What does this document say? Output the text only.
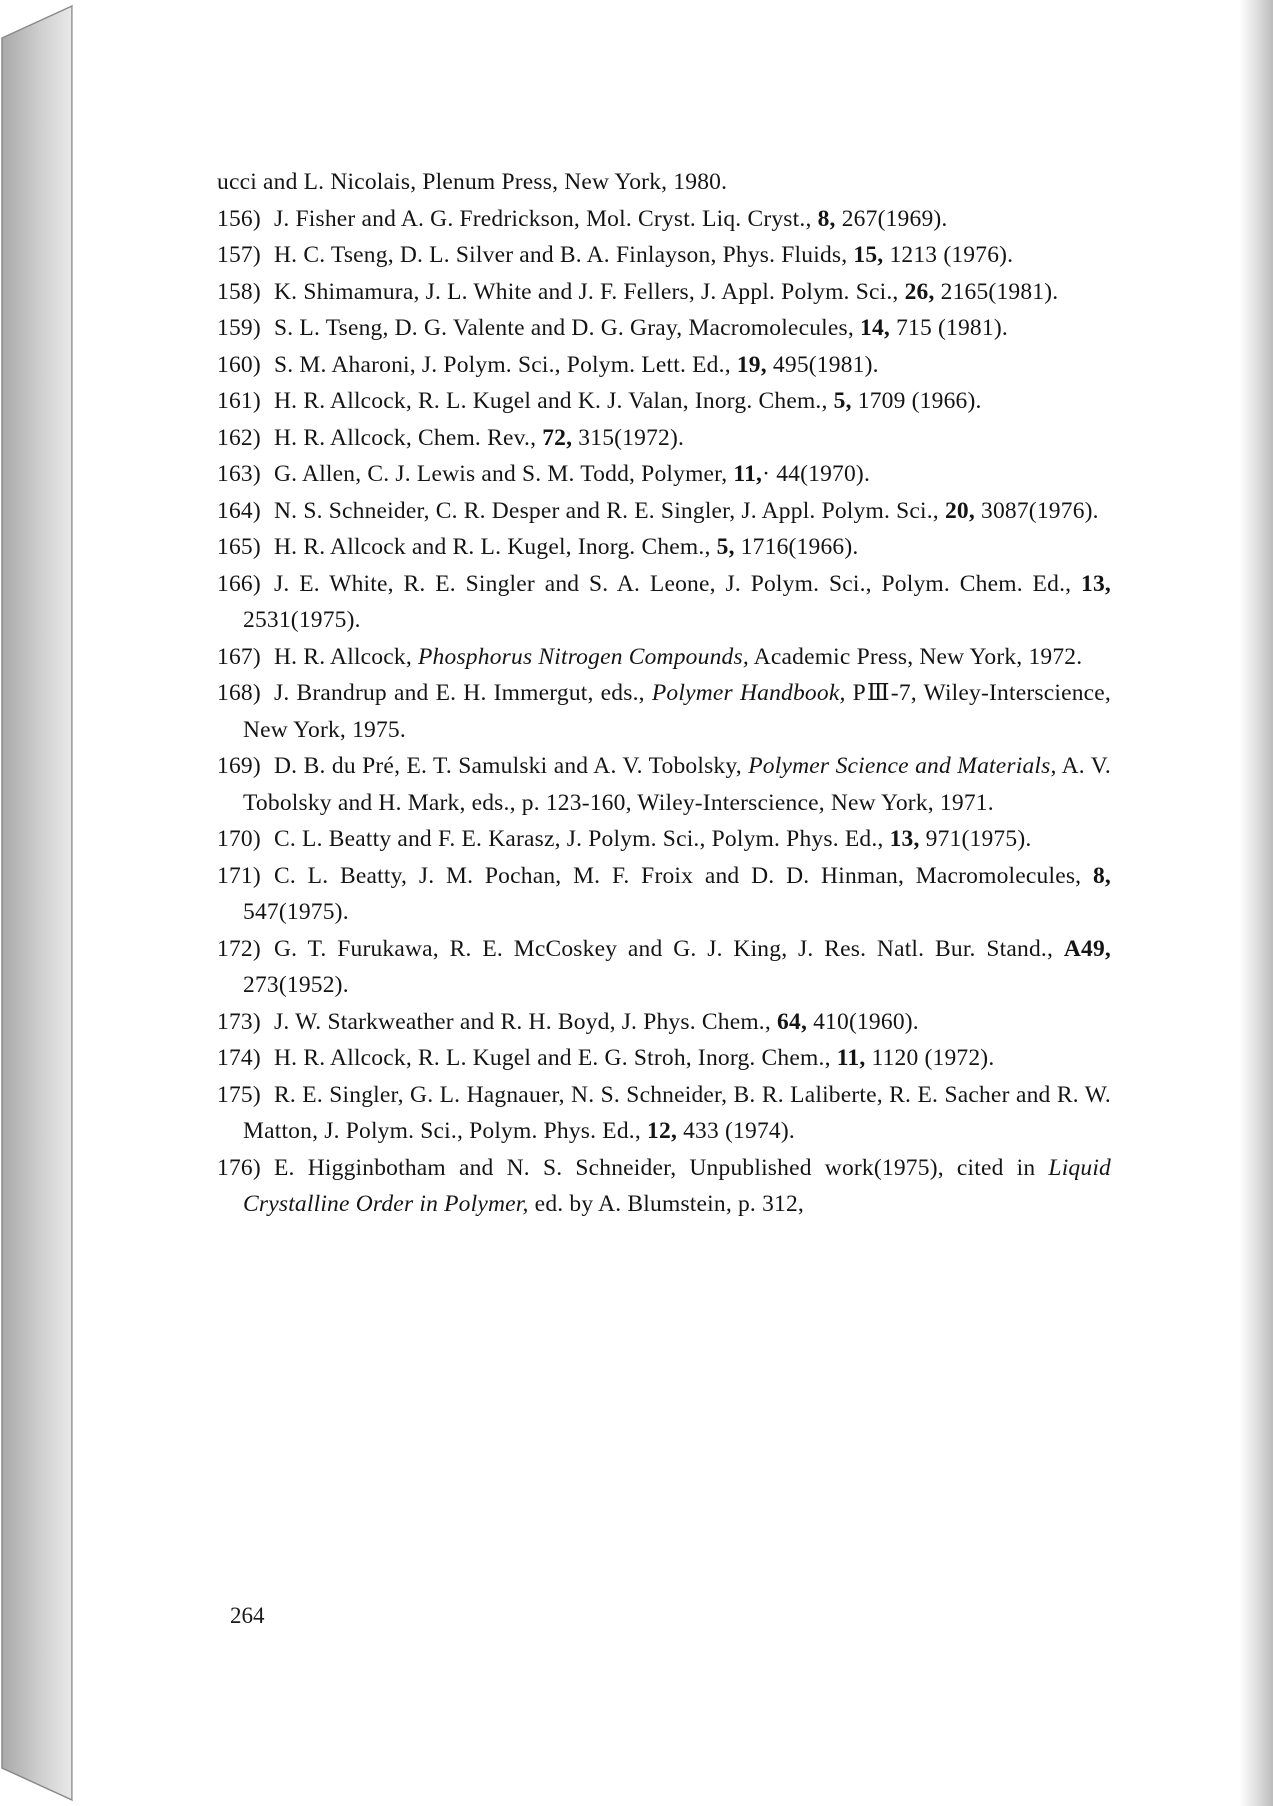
ucci and L. Nicolais, Plenum Press, New York, 1980.
156) J. Fisher and A. G. Fredrickson, Mol. Cryst. Liq. Cryst., 8, 267(1969).
157) H. C. Tseng, D. L. Silver and B. A. Finlayson, Phys. Fluids, 15, 1213 (1976).
158) K. Shimamura, J. L. White and J. F. Fellers, J. Appl. Polym. Sci., 26, 2165(1981).
159) S. L. Tseng, D. G. Valente and D. G. Gray, Macromolecules, 14, 715 (1981).
160) S. M. Aharoni, J. Polym. Sci., Polym. Lett. Ed., 19, 495(1981).
161) H. R. Allcock, R. L. Kugel and K. J. Valan, Inorg. Chem., 5, 1709 (1966).
162) H. R. Allcock, Chem. Rev., 72, 315(1972).
163) G. Allen, C. J. Lewis and S. M. Todd, Polymer, 11,· 44(1970).
164) N. S. Schneider, C. R. Desper and R. E. Singler, J. Appl. Polym. Sci., 20, 3087(1976).
165) H. R. Allcock and R. L. Kugel, Inorg. Chem., 5, 1716(1966).
166) J. E. White, R. E. Singler and S. A. Leone, J. Polym. Sci., Polym. Chem. Ed., 13, 2531(1975).
167) H. R. Allcock, Phosphorus Nitrogen Compounds, Academic Press, New York, 1972.
168) J. Brandrup and E. H. Immergut, eds., Polymer Handbook, PⅢ-7, Wiley-Interscience, New York, 1975.
169) D. B. du Pré, E. T. Samulski and A. V. Tobolsky, Polymer Science and Materials, A. V. Tobolsky and H. Mark, eds., p. 123-160, Wiley-Interscience, New York, 1971.
170) C. L. Beatty and F. E. Karasz, J. Polym. Sci., Polym. Phys. Ed., 13, 971(1975).
171) C. L. Beatty, J. M. Pochan, M. F. Froix and D. D. Hinman, Macromolecules, 8, 547(1975).
172) G. T. Furukawa, R. E. McCoskey and G. J. King, J. Res. Natl. Bur. Stand., A49, 273(1952).
173) J. W. Starkweather and R. H. Boyd, J. Phys. Chem., 64, 410(1960).
174) H. R. Allcock, R. L. Kugel and E. G. Stroh, Inorg. Chem., 11, 1120 (1972).
175) R. E. Singler, G. L. Hagnauer, N. S. Schneider, B. R. Laliberte, R. E. Sacher and R. W. Matton, J. Polym. Sci., Polym. Phys. Ed., 12, 433 (1974).
176) E. Higginbotham and N. S. Schneider, Unpublished work(1975), cited in Liquid Crystalline Order in Polymer, ed. by A. Blumstein, p. 312,
264
